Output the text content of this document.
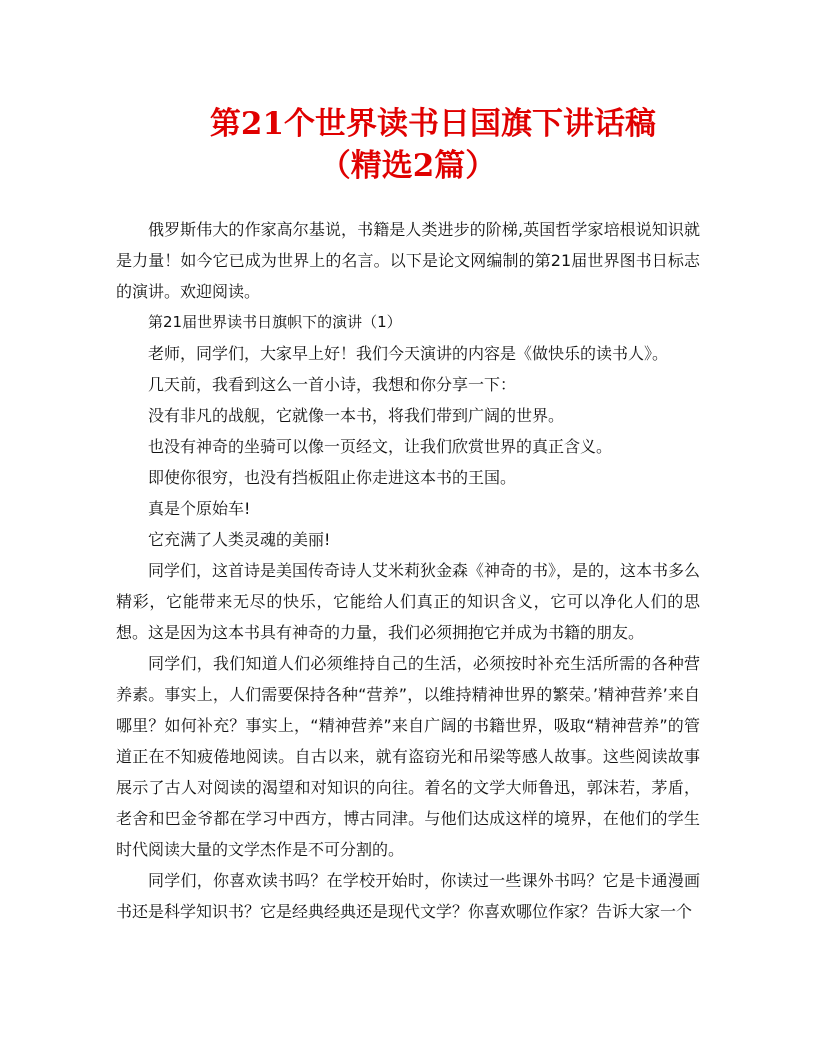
第21个世界读书日国旗下讲话稿
（精选2篇）

俄罗斯伟大的作家高尔基说，书籍是人类进步的阶梯,英国哲学家培根说知识就是力量！如今它已成为世界上的名言。以下是论文网编制的第21届世界图书日标志的演讲。欢迎阅读。

第21届世界读书日旗帜下的演讲（1）

老师，同学们，大家早上好！我们今天演讲的内容是《做快乐的读书人》。

几天前，我看到这么一首小诗，我想和你分享一下：

没有非凡的战舰，它就像一本书，将我们带到广阔的世界。

也没有神奇的坐骑可以像一页经文，让我们欣赏世界的真正含义。

即使你很穷，也没有挡板阻止你走进这本书的王国。

真是个原始车!

它充满了人类灵魂的美丽!

同学们，这首诗是美国传奇诗人艾米莉狄金森《神奇的书》，是的，这本书多么精彩，它能带来无尽的快乐，它能给人们真正的知识含义，它可以净化人们的思想。这是因为这本书具有神奇的力量，我们必须拥抱它并成为书籍的朋友。

同学们，我们知道人们必须维持自己的生活，必须按时补充生活所需的各种营养素。事实上，人们需要保持各种“营养”，以维持精神世界的繁荣。’精神营养’来自哪里？如何补充？事实上，“精神营养”来自广阔的书籍世界，吸取“精神营养”的管道正在不知疲倦地阅读。自古以来，就有盗窃光和吊梁等感人故事。这些阅读故事展示了古人对阅读的渴望和对知识的向往。着名的文学大师鲁迅，郭沫若，茅盾，老舍和巴金爷都在学习中西方，博古同津。与他们达成这样的境界，在他们的学生时代阅读大量的文学杰作是不可分割的。

同学们，你喜欢读书吗？在学校开始时，你读过一些课外书吗？它是卡通漫画书还是科学知识书？它是经典经典还是现代文学？你喜欢哪位作家？告诉大家一个
